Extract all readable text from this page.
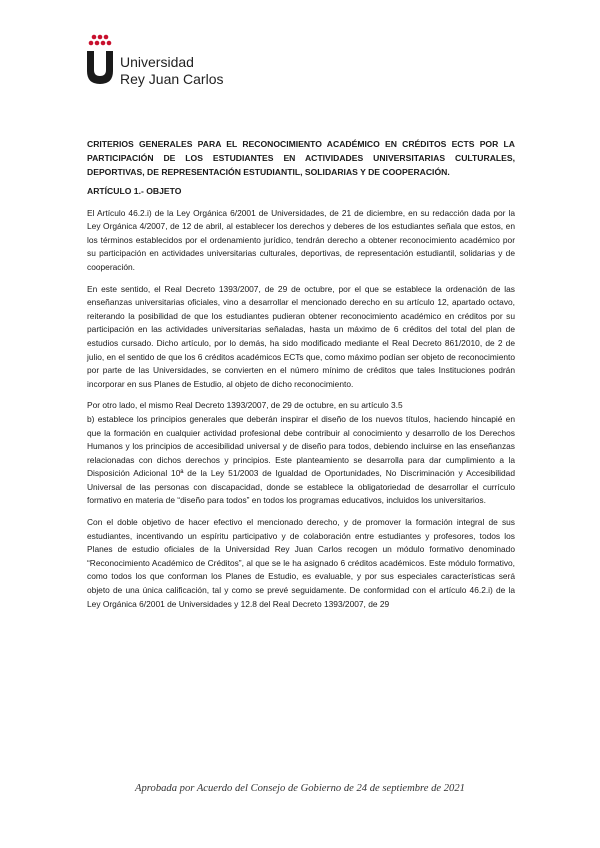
Universidad
Rey Juan Carlos
CRITERIOS GENERALES PARA EL RECONOCIMIENTO ACADÉMICO EN CRÉDITOS ECTS POR LA PARTICIPACIÓN DE LOS ESTUDIANTES EN ACTIVIDADES UNIVERSITARIAS CULTURALES, DEPORTIVAS, DE REPRESENTACIÓN ESTUDIANTIL, SOLIDARIAS Y DE COOPERACIÓN.
ARTÍCULO 1.- OBJETO

El Artículo 46.2.i) de la Ley Orgánica 6/2001 de Universidades, de 21 de diciembre, en su redacción dada por la Ley Orgánica 4/2007, de 12 de abril, al establecer los derechos y deberes de los estudiantes señala que estos, en los términos establecidos por el ordenamiento jurídico, tendrán derecho a obtener reconocimiento académico por su participación en actividades universitarias culturales, deportivas, de representación estudiantil, solidarias y de cooperación.

En este sentido, el Real Decreto 1393/2007, de 29 de octubre, por el que se establece la ordenación de las enseñanzas universitarias oficiales, vino a desarrollar el mencionado derecho en su artículo 12, apartado octavo, reiterando la posibilidad de que los estudiantes pudieran obtener reconocimiento académico en créditos por su participación en las actividades universitarias señaladas, hasta un máximo de 6 créditos del total del plan de estudios cursado. Dicho artículo, por lo demás, ha sido modificado mediante el Real Decreto 861/2010, de 2 de julio, en el sentido de que los 6 créditos académicos ECTs que, como máximo podían ser objeto de reconocimiento por parte de las Universidades, se convierten en el número mínimo de créditos que tales Instituciones podrán incorporar en sus Planes de Estudio, al objeto de dicho reconocimiento.

Por otro lado, el mismo Real Decreto 1393/2007, de 29 de octubre, en su artículo 3.5

b) establece los principios generales que deberán inspirar el diseño de los nuevos títulos, haciendo hincapié en que la formación en cualquier actividad profesional debe contribuir al conocimiento y desarrollo de los Derechos Humanos y los principios de accesibilidad universal y de diseño para todos, debiendo incluirse en las enseñanzas relacionadas con dichos derechos y principios. Este planteamiento se desarrolla para dar cumplimiento a la Disposición Adicional 10ª de la Ley 51/2003 de Igualdad de Oportunidades, No Discriminación y Accesibilidad Universal de las personas con discapacidad, donde se establece la obligatoriedad de desarrollar el currículo formativo en materia de “diseño para todos” en todos los programas educativos, incluidos los universitarios.

Con el doble objetivo de hacer efectivo el mencionado derecho, y de promover la formación integral de sus estudiantes, incentivando un espíritu participativo y de colaboración entre estudiantes y profesores, todos los Planes de estudio oficiales de la Universidad Rey Juan Carlos recogen un módulo formativo denominado “Reconocimiento Académico de Créditos”, al que se le ha asignado 6 créditos académicos. Este módulo formativo, como todos los que conforman los Planes de Estudio, es evaluable, y por sus especiales características será objeto de una única calificación, tal y como se prevé seguidamente. De conformidad con el artículo 46.2.i) de la Ley Orgánica 6/2001 de Universidades y 12.8 del Real Decreto 1393/2007, de 29

Aprobada por Acuerdo del Consejo de Gobierno de 24 de septiembre de 2021
